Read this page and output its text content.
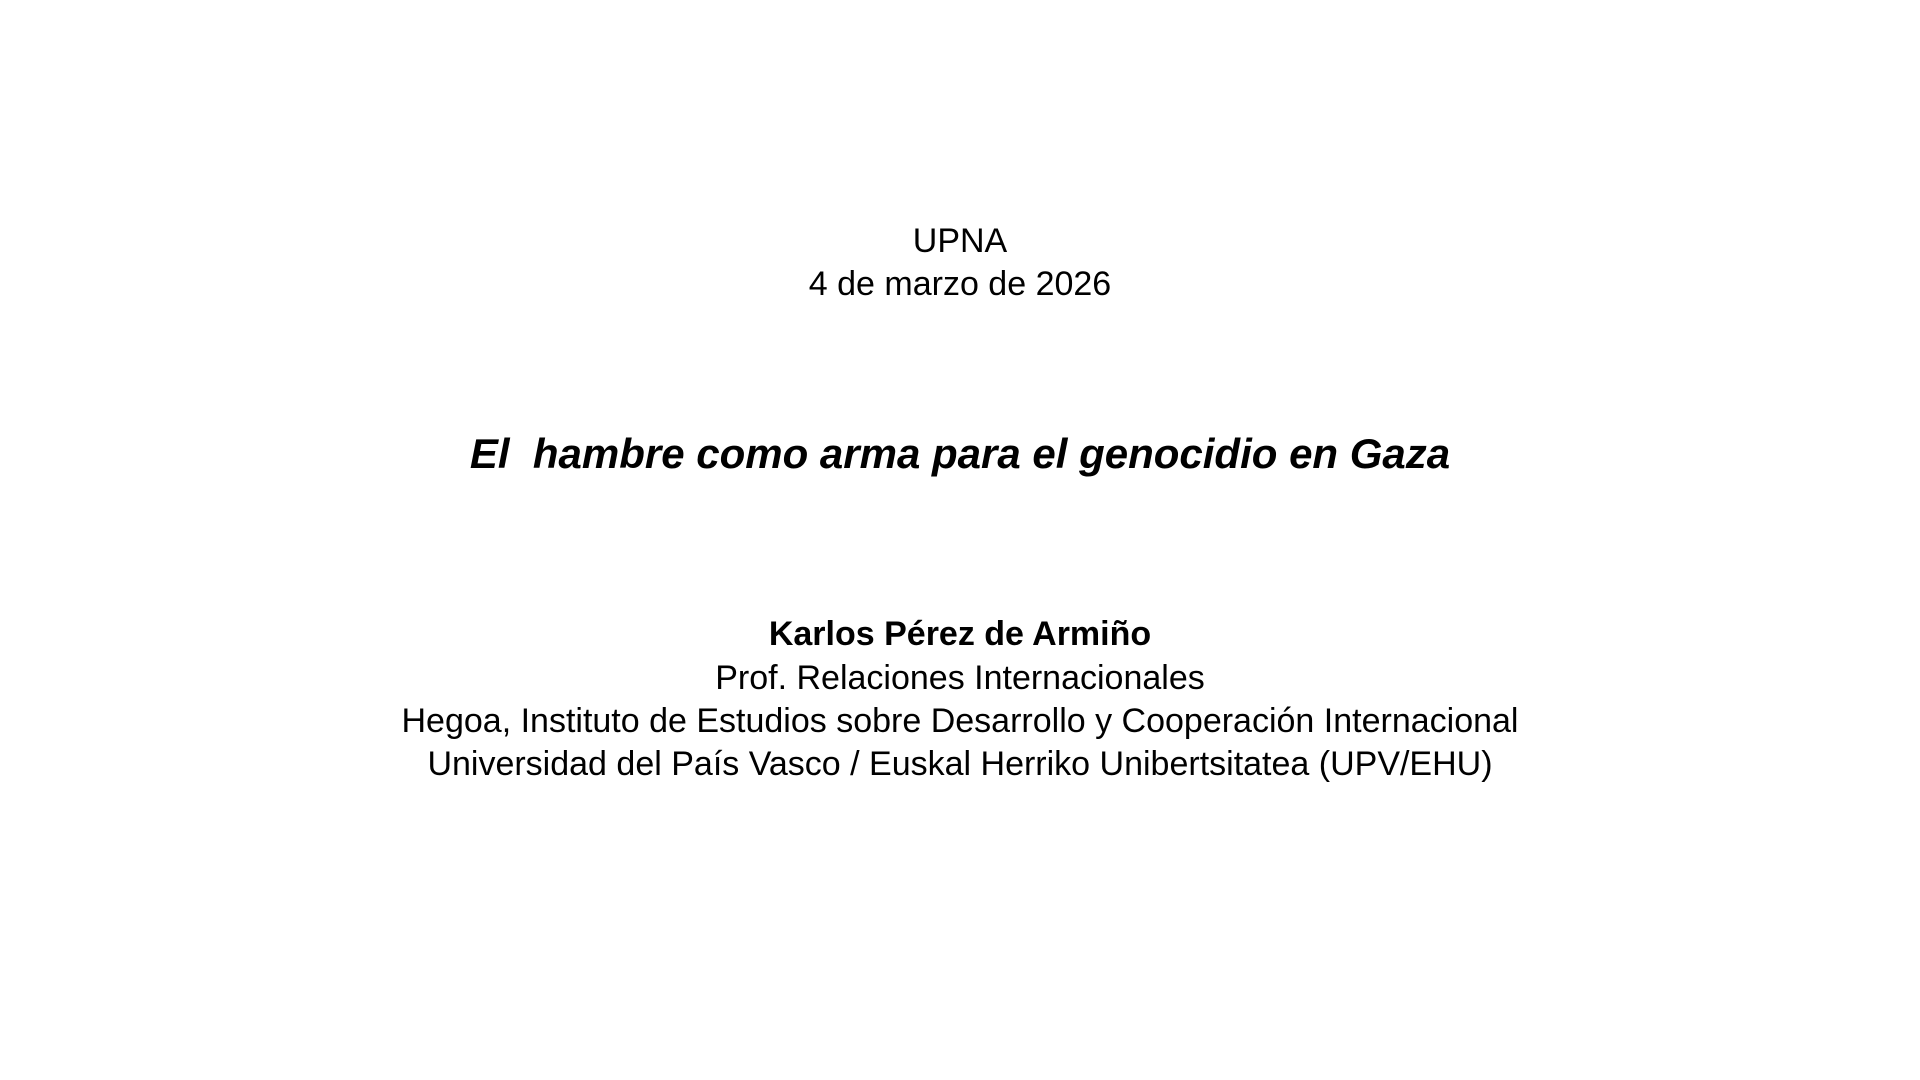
UPNA
4 de marzo de 2026
El  hambre como arma para el genocidio en Gaza
Karlos Pérez de Armiño
Prof. Relaciones Internacionales
Hegoa, Instituto de Estudios sobre Desarrollo y Cooperación Internacional
Universidad del País Vasco / Euskal Herriko Unibertsitatea (UPV/EHU)
